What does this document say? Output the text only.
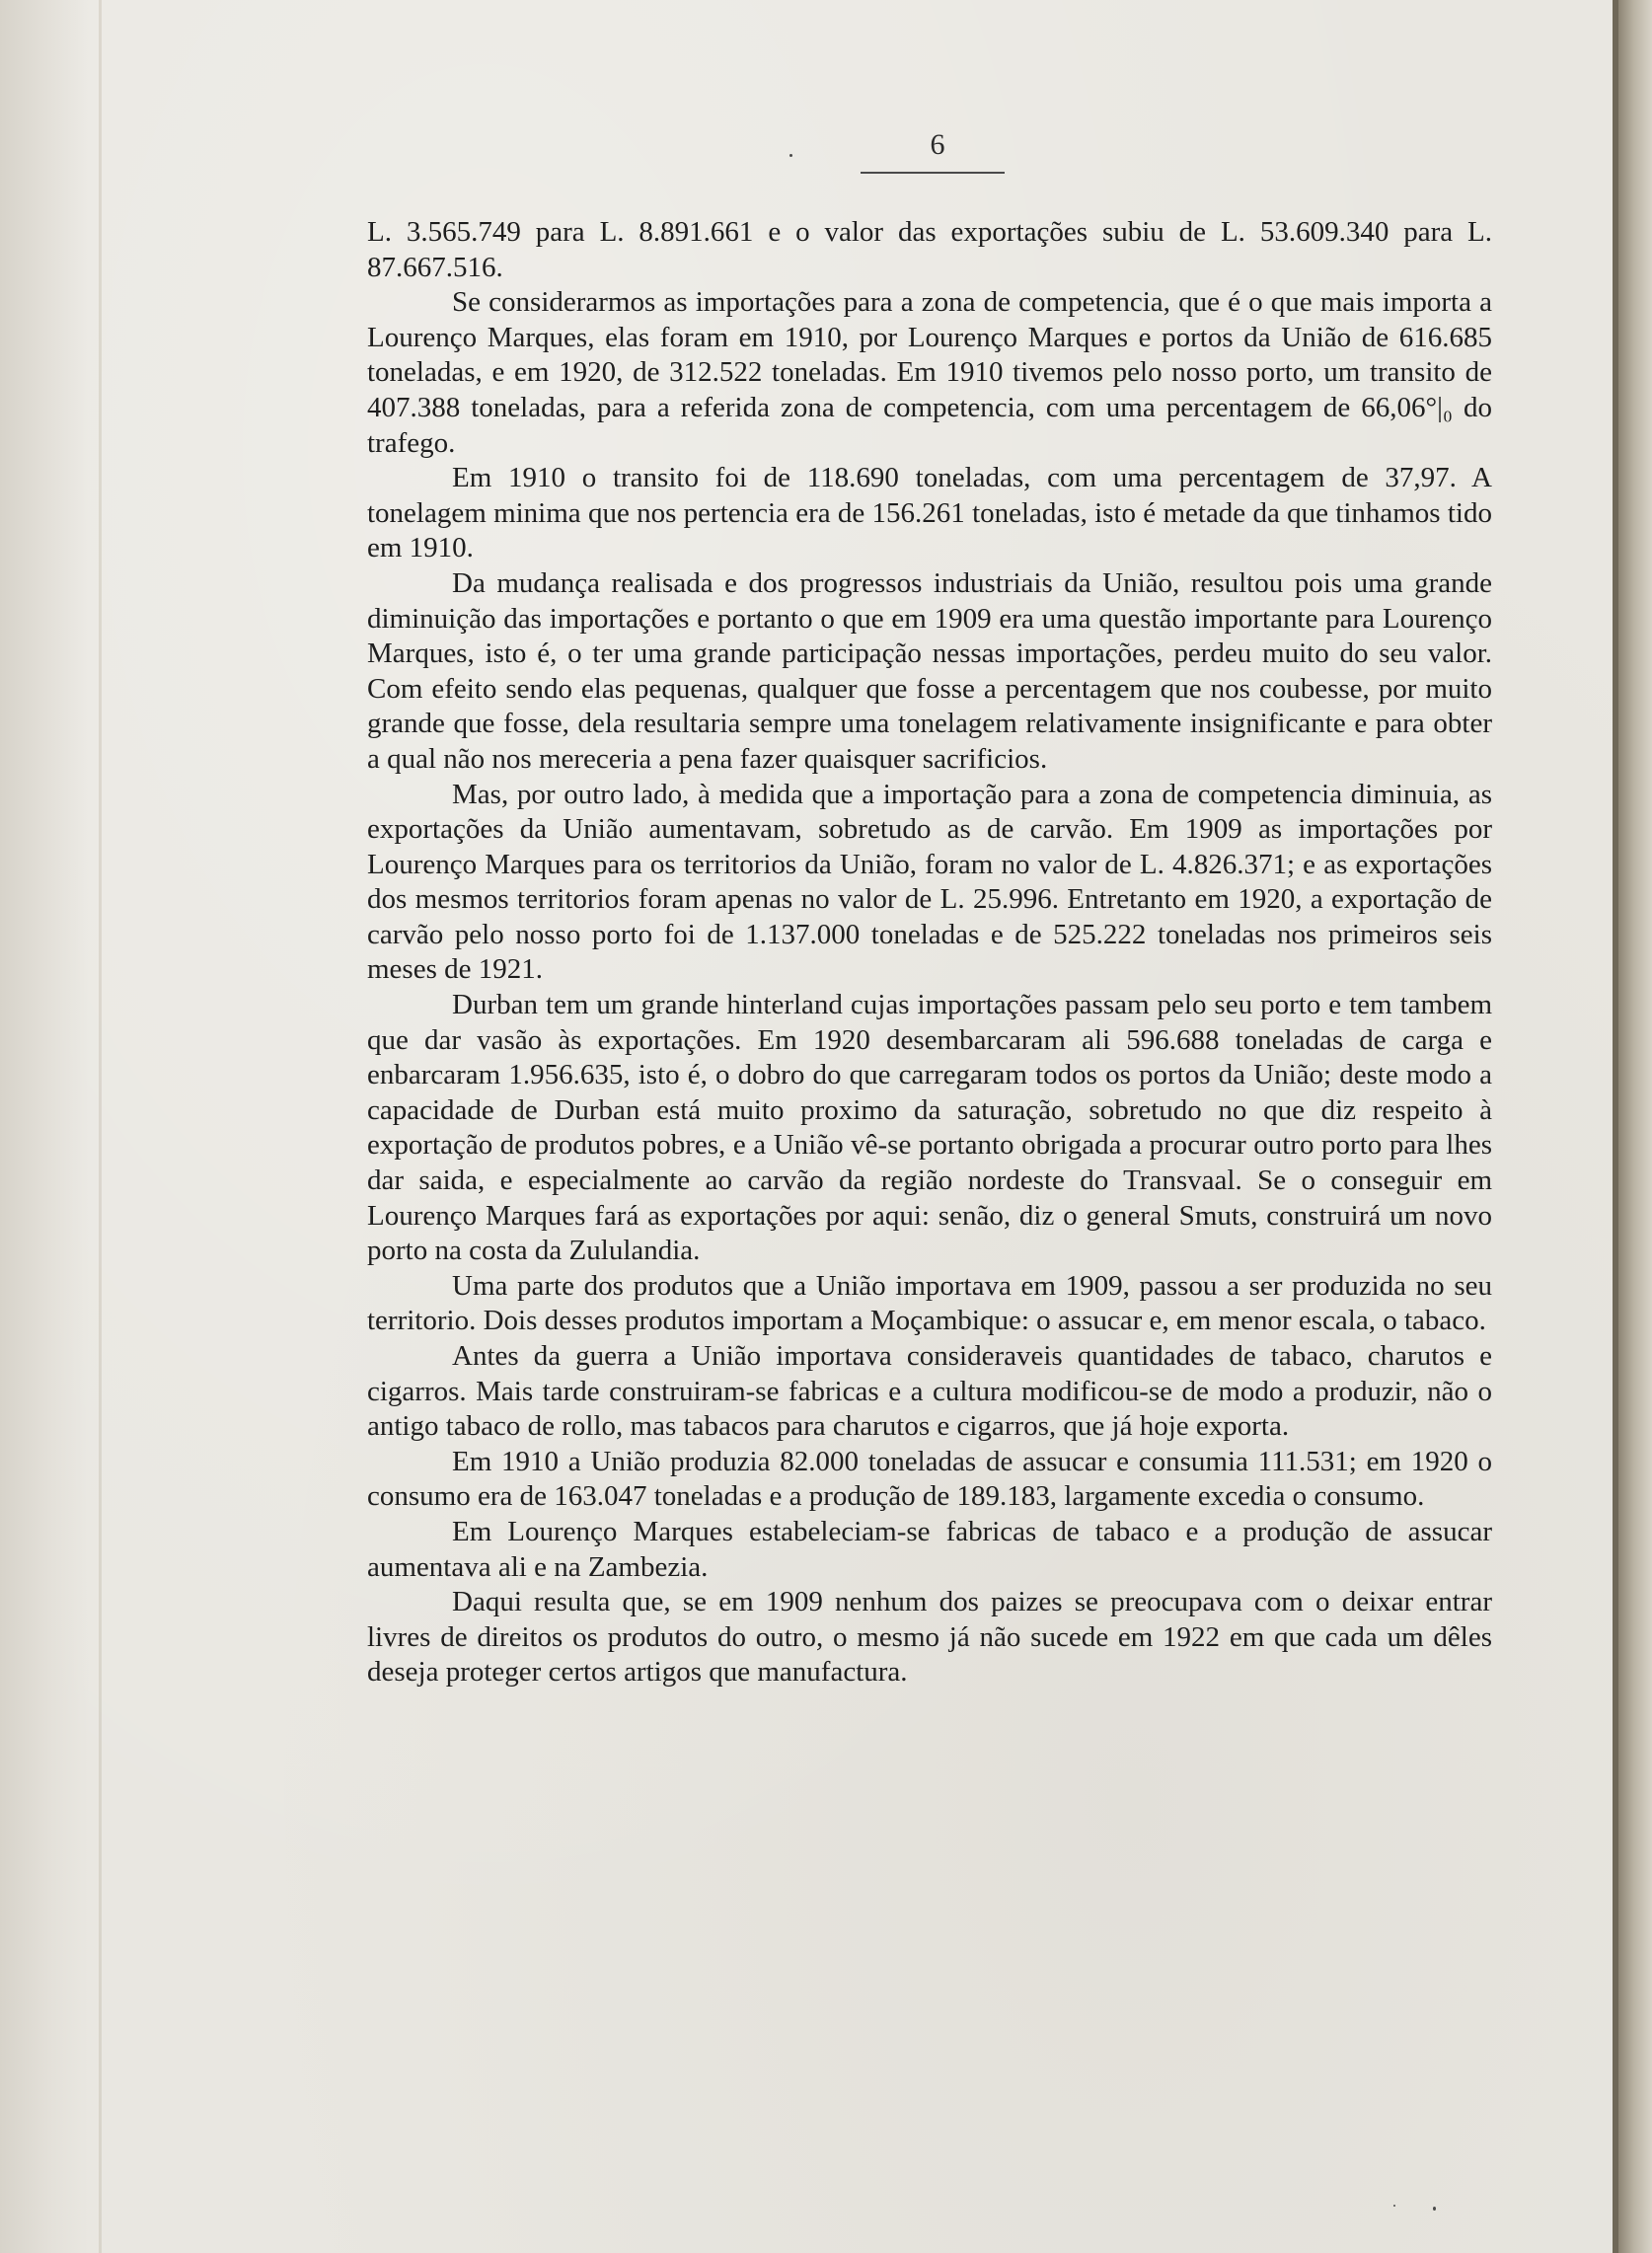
6

L. 3.565.749 para L. 8.891.661 e o valor das exportações subiu de L. 53.609.340 para L. 87.667.516.

Se considerarmos as importações para a zona de competencia, que é o que mais importa a Lourenço Marques, elas foram em 1910, por Lourenço Marques e portos da União de 616.685 toneladas, e em 1920, de 312.522 toneladas. Em 1910 tivemos pelo nosso porto, um transito de 407.388 toneladas, para a referida zona de competencia, com uma percentagem de 66,06°|₀ do trafego.

Em 1910 o transito foi de 118.690 toneladas, com uma percentagem de 37,97. A tonelagem minima que nos pertencia era de 156.261 toneladas, isto é metade da que tinhamos tido em 1910.

Da mudança realisada e dos progressos industriais da União, resultou pois uma grande diminuição das importações e portanto o que em 1909 era uma questão importante para Lourenço Marques, isto é, o ter uma grande participação nessas importações, perdeu muito do seu valor. Com efeito sendo elas pequenas, qualquer que fosse a percentagem que nos coubesse, por muito grande que fosse, dela resultaria sempre uma tonelagem relativamente insignificante e para obter a qual não nos mereceria a pena fazer quaisquer sacrificios.

Mas, por outro lado, à medida que a importação para a zona de competencia diminuia, as exportações da União aumentavam, sobretudo as de carvão. Em 1909 as importações por Lourenço Marques para os territorios da União, foram no valor de L. 4.826.371; e as exportações dos mesmos territorios foram apenas no valor de L. 25.996. Entretanto em 1920, a exportação de carvão pelo nosso porto foi de 1.137.000 toneladas e de 525.222 toneladas nos primeiros seis meses de 1921.

Durban tem um grande hinterland cujas importações passam pelo seu porto e tem tambem que dar vasão às exportações. Em 1920 desembarcaram ali 596.688 toneladas de carga e enbarcaram 1.956.635, isto é, o dobro do que carregaram todos os portos da União; deste modo a capacidade de Durban está muito proximo da saturação, sobretudo no que diz respeito à exportação de produtos pobres, e a União vê-se portanto obrigada a procurar outro porto para lhes dar saida, e especialmente ao carvão da região nordeste do Transvaal. Se o conseguir em Lourenço Marques fará as exportações por aqui: senão, diz o general Smuts, construirá um novo porto na costa da Zululandia.

Uma parte dos produtos que a União importava em 1909, passou a ser produzida no seu territorio. Dois desses produtos importam a Moçambique: o assucar e, em menor escala, o tabaco.

Antes da guerra a União importava consideraveis quantidades de tabaco, charutos e cigarros. Mais tarde construiram-se fabricas e a cultura modificou-se de modo a produzir, não o antigo tabaco de rollo, mas tabacos para charutos e cigarros, que já hoje exporta.

Em 1910 a União produzia 82.000 toneladas de assucar e consumia 111.531; em 1920 o consumo era de 163.047 toneladas e a produção de 189.183, largamente excedia o consumo.

Em Lourenço Marques estabeleciam-se fabricas de tabaco e a produção de assucar aumentava ali e na Zambezia.

Daqui resulta que, se em 1909 nenhum dos paizes se preocupava com o deixar entrar livres de direitos os produtos do outro, o mesmo já não sucede em 1922 em que cada um dêles deseja proteger certos artigos que manufactura.
